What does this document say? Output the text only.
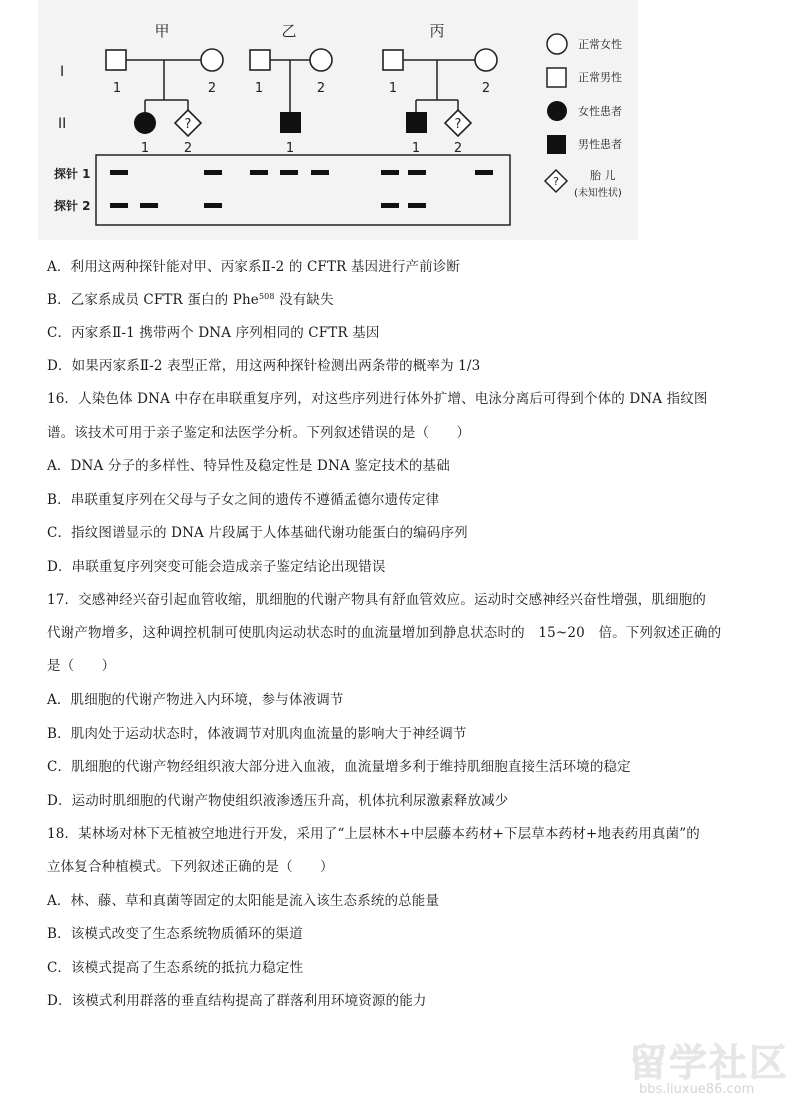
甲	乙	丙
I
II	?
1	2
1	2
1	2
1
?
1	2
1	2
探针 1
探针 2
正常女性
正常男性
女性患者
男性患者
?	胎 儿
(未知性状)
A．利用这两种探针能对甲、丙家系Ⅱ-2 的 CFTR 基因进行产前诊断
B．乙家系成员 CFTR 蛋白的 Phe$^{508}$ 没有缺失
C．丙家系Ⅱ-1 携带两个 DNA 序列相同的 CFTR 基因
D．如果丙家系Ⅱ-2 表型正常，用这两种探针检测出两条带的概率为 1/3
16．人染色体 DNA 中存在串联重复序列，对这些序列进行体外扩增、电泳分离后可得到个体的 DNA 指纹图
谱。该技术可用于亲子鉴定和法医学分析。下列叙述错误的是（　　）
A．DNA 分子的多样性、特异性及稳定性是 DNA 鉴定技术的基础
B．串联重复序列在父母与子女之间的遗传不遵循孟德尔遗传定律
C．指纹图谱显示的 DNA 片段属于人体基础代谢功能蛋白的编码序列
D．串联重复序列突变可能会造成亲子鉴定结论出现错误
17．交感神经兴奋引起血管收缩，肌细胞的代谢产物具有舒血管效应。运动时交感神经兴奋性增强，肌细胞的
代谢产物增多，这种调控机制可使肌肉运动状态时的血流量增加到静息状态时的　15~20　倍。下列叙述正确的
是（　　）
A．肌细胞的代谢产物进入内环境，参与体液调节
B．肌肉处于运动状态时，体液调节对肌肉血流量的影响大于神经调节
C．肌细胞的代谢产物经组织液大部分进入血液，血流量增多利于维持肌细胞直接生活环境的稳定
D．运动时肌细胞的代谢产物使组织液渗透压升高，机体抗利尿激素释放减少
18．某林场对林下无植被空地进行开发，采用了“上层林木+中层藤本药材+下层草本药材+地表药用真菌”的
立体复合种植模式。下列叙述正确的是（　　）
A．林、藤、草和真菌等固定的太阳能是流入该生态系统的总能量
B．该模式改变了生态系统物质循环的渠道
C．该模式提高了生态系统的抵抗力稳定性
D．该模式利用群落的垂直结构提高了群落利用环境资源的能力
留学社区
bbs.liuxue86.com
